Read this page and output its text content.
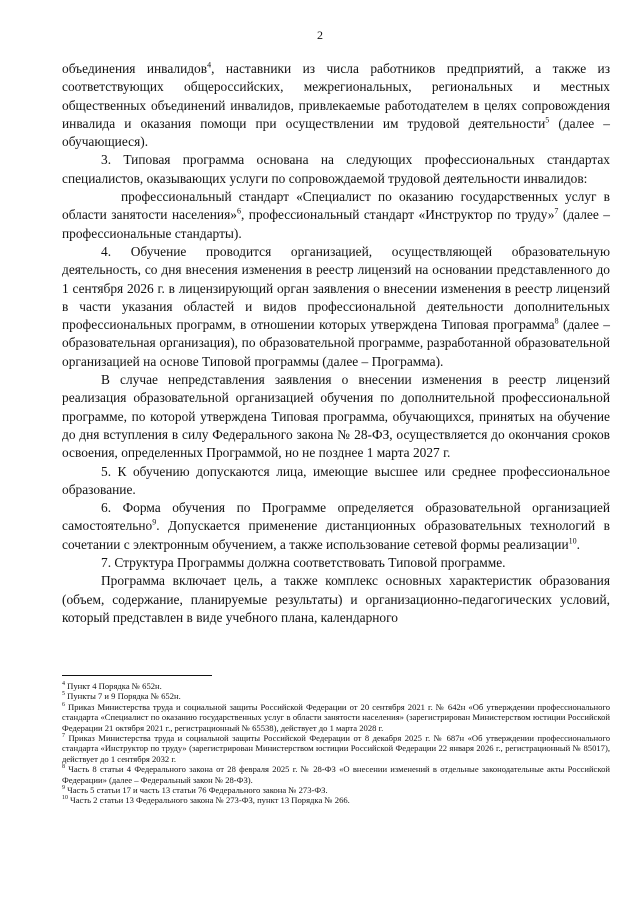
2

объединения инвалидов$^4$, наставники из числа работников предприятий, а также из соответствующих общероссийских, межрегиональных, региональных и местных общественных объединений инвалидов, привлекаемые работодателем в целях сопровождения инвалида и оказания помощи при осуществлении им трудовой деятельности$^5$ (далее – обучающиеся).

3. Типовая программа основана на следующих профессиональных стандартах специалистов, оказывающих услуги по сопровождаемой трудовой деятельности инвалидов:

профессиональный стандарт «Специалист по оказанию государственных услуг в области занятости населения»$^6$, профессиональный стандарт «Инструктор по труду»$^7$ (далее – профессиональные стандарты).

4. Обучение проводится организацией, осуществляющей образовательную деятельность, со дня внесения изменения в реестр лицензий на основании представленного до 1 сентября 2026 г. в лицензирующий орган заявления о внесении изменения в реестр лицензий в части указания областей и видов профессиональной деятельности дополнительных профессиональных программ, в отношении которых утверждена Типовая программа$^8$ (далее – образовательная организация), по образовательной программе, разработанной образовательной организацией на основе Типовой программы (далее – Программа).

В случае непредставления заявления о внесении изменения в реестр лицензий реализация образовательной организацией обучения по дополнительной профессиональной программе, по которой утверждена Типовая программа, обучающихся, принятых на обучение до дня вступления в силу Федерального закона № 28-ФЗ, осуществляется до окончания сроков освоения, определенных Программой, но не позднее 1 марта 2027 г.

5. К обучению допускаются лица, имеющие высшее или среднее профессиональное образование.

6. Форма обучения по Программе определяется образовательной организацией самостоятельно$^9$. Допускается применение дистанционных образовательных технологий в сочетании с электронным обучением, а также использование сетевой формы реализации$^{10}$.

7. Структура Программы должна соответствовать Типовой программе.

Программа включает цель, а также комплекс основных характеристик образования (объем, содержание, планируемые результаты) и организационно-педагогических условий, который представлен в виде учебного плана, календарного

$^4$ Пункт 4 Порядка № 652н.

$^5$ Пункты 7 и 9 Порядка № 652н.

$^6$ Приказ Министерства труда и социальной защиты Российской Федерации от 20 сентября 2021 г. № 642н «Об утверждении профессионального стандарта «Специалист по оказанию государственных услуг в области занятости населения» (зарегистрирован Министерством юстиции Российской Федерации 21 октября 2021 г., регистрационный № 65538), действует до 1 марта 2028 г.

$^7$ Приказ Министерства труда и социальной защиты Российской Федерации от 8 декабря 2025 г. № 687н «Об утверждении профессионального стандарта «Инструктор по труду» (зарегистрирован Министерством юстиции Российской Федерации 22 января 2026 г., регистрационный № 85017), действует до 1 сентября 2032 г.

$^8$ Часть 8 статьи 4 Федерального закона от 28 февраля 2025 г. № 28-ФЗ «О внесении изменений в отдельные законодательные акты Российской Федерации» (далее – Федеральный закон № 28-ФЗ).

$^9$ Часть 5 статьи 17 и часть 13 статьи 76 Федерального закона № 273-ФЗ.

$^{10}$ Часть 2 статьи 13 Федерального закона № 273-ФЗ, пункт 13 Порядка № 266.
